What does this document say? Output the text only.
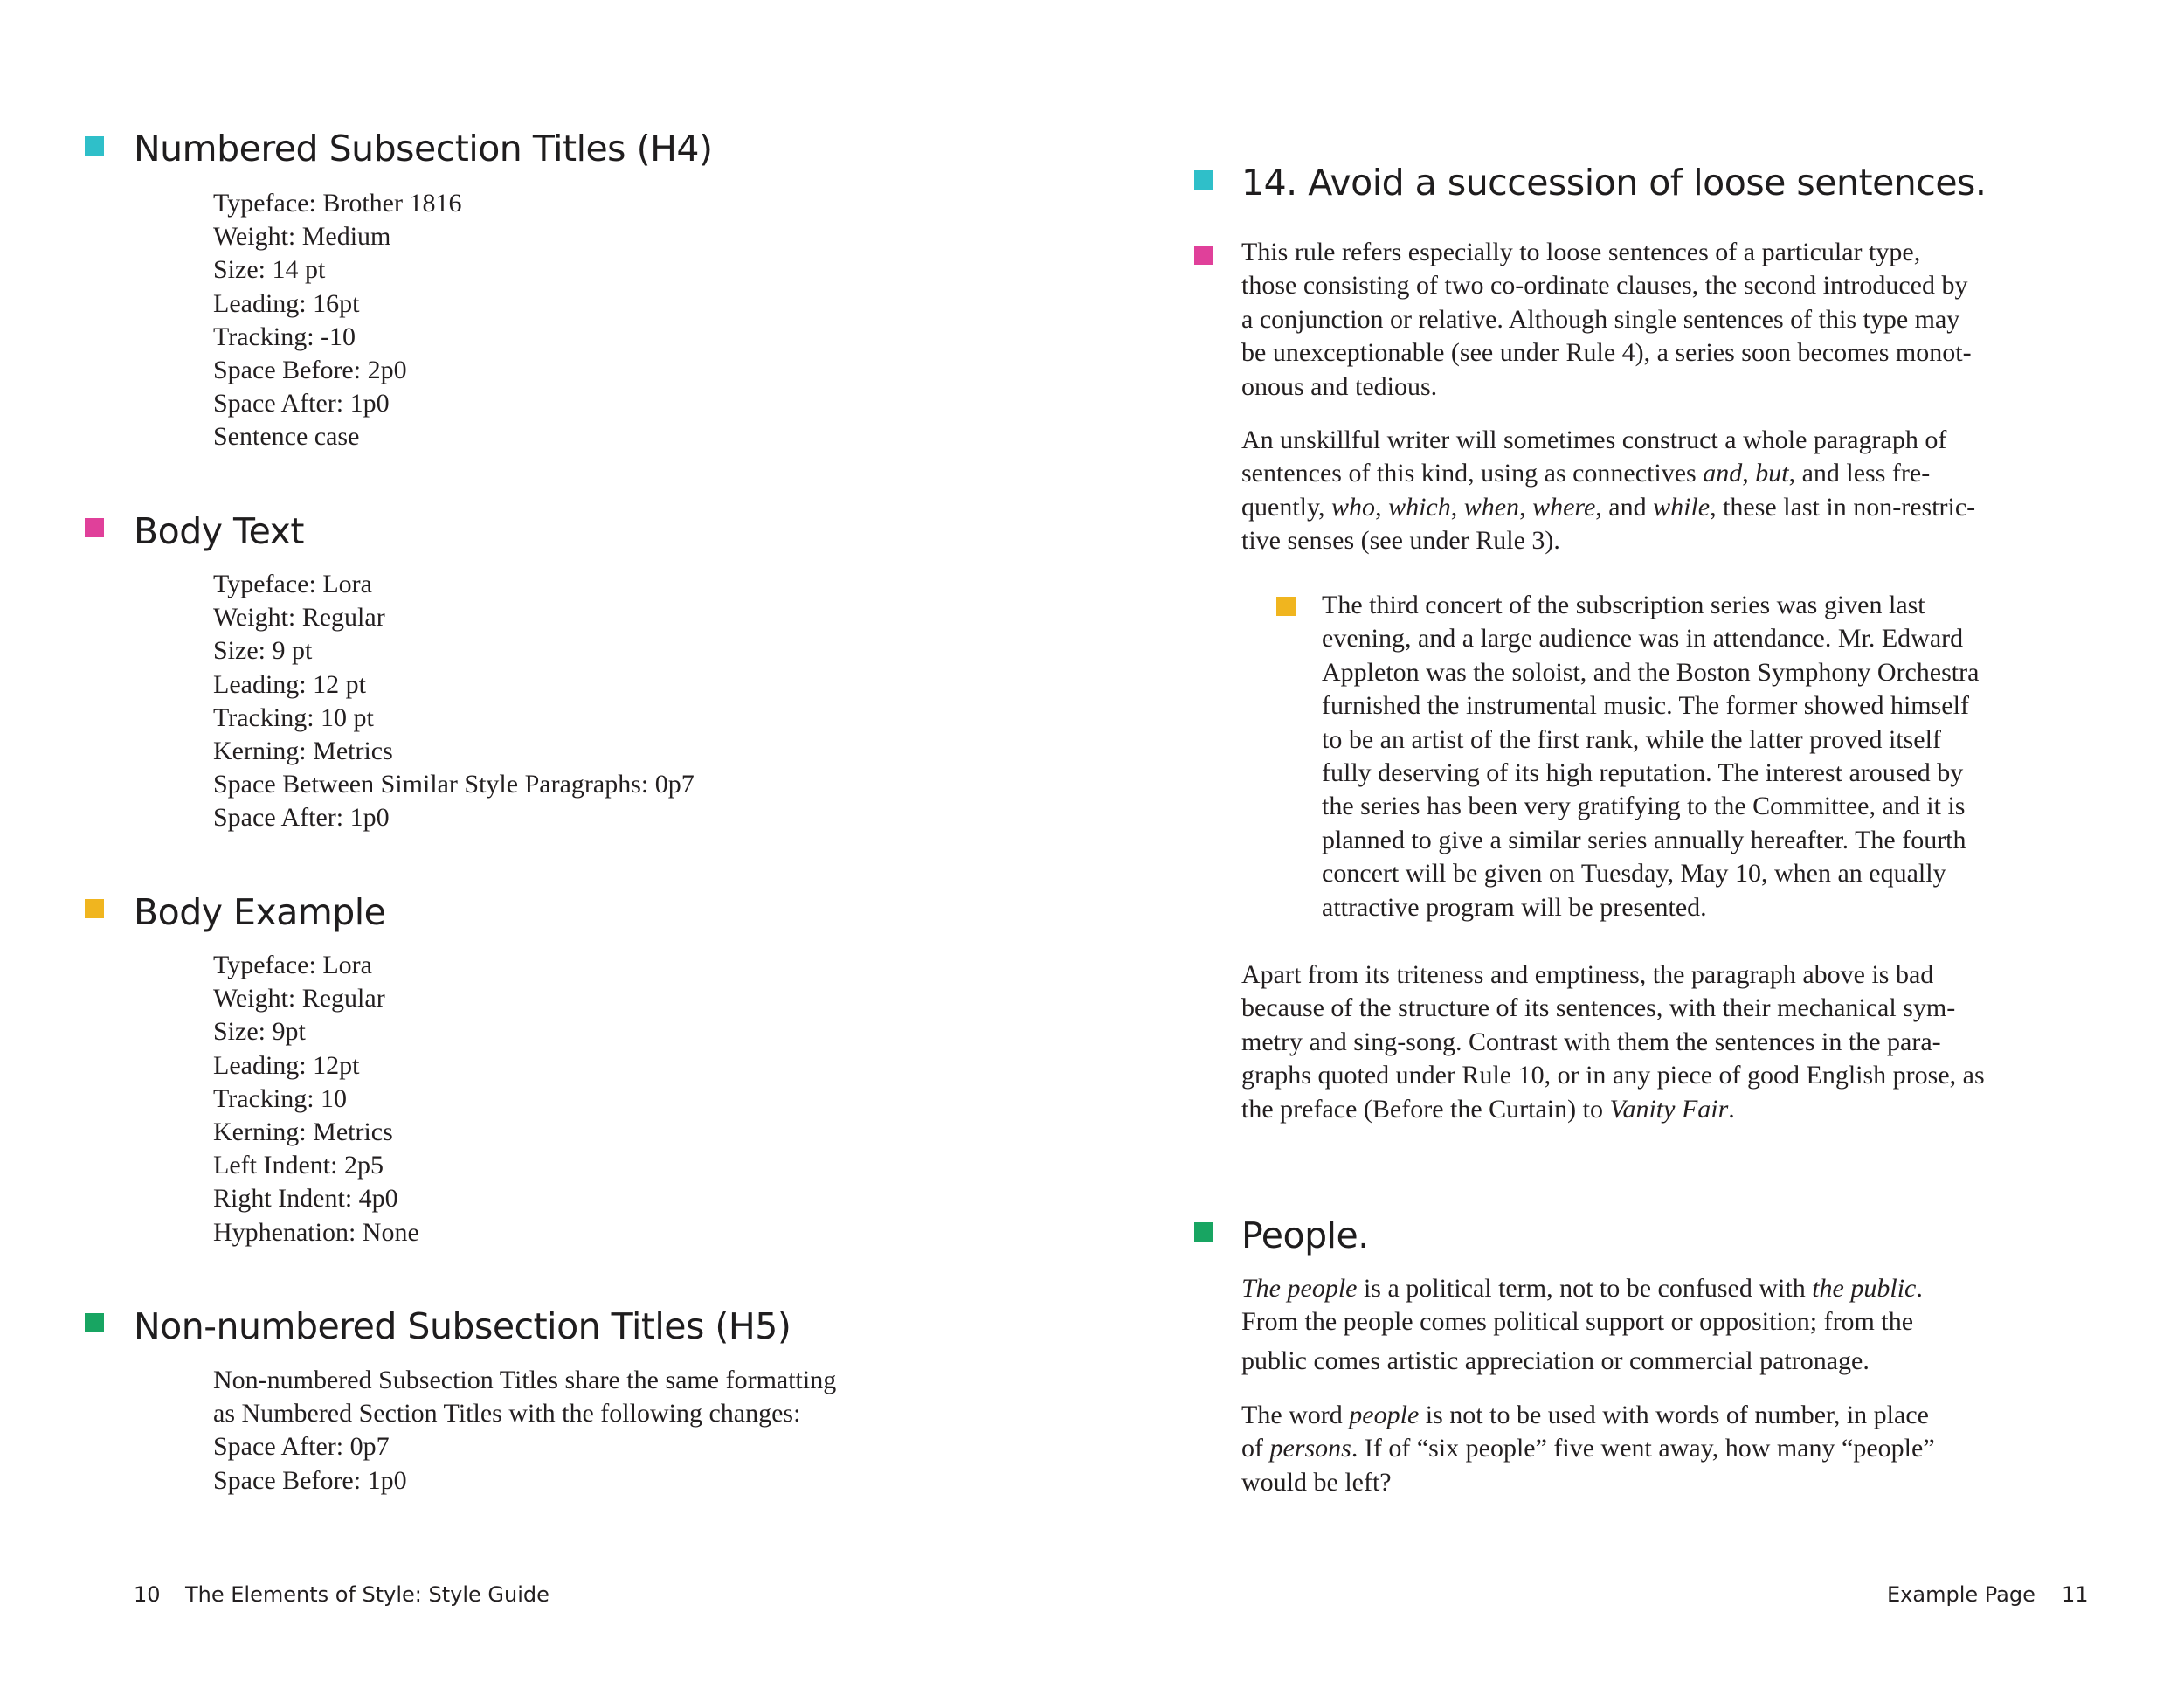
Numbered Subsection Titles (H4)
Typeface: Brother 1816
Weight: Medium
Size: 14 pt
Leading: 16pt
Tracking: -10
Space Before: 2p0
Space After: 1p0
Sentence case
Body Text
Typeface: Lora
Weight: Regular
Size: 9 pt
Leading: 12 pt
Tracking: 10 pt
Kerning: Metrics
Space Between Similar Style Paragraphs: 0p7
Space After: 1p0
Body Example
Typeface: Lora
Weight: Regular
Size: 9pt
Leading: 12pt
Tracking: 10
Kerning: Metrics
Left Indent: 2p5
Right Indent: 4p0
Hyphenation: None
Non-numbered Subsection Titles (H5)
Non-numbered Subsection Titles share the same formatting
as Numbered Section Titles with the following changes:
Space After: 0p7
Space Before: 1p0
10 The Elements of Style: Style Guide
14. Avoid a succession of loose sentences.
This rule refers especially to loose sentences of a particular type,
those consisting of two co-ordinate clauses, the second introduced by
a conjunction or relative. Although single sentences of this type may
be unexceptionable (see under Rule 4), a series soon becomes monot-
onous and tedious.
An unskillful writer will sometimes construct a whole paragraph of
sentences of this kind, using as connectives and, but, and less fre-
quently, who, which, when, where, and while, these last in non-restric-
tive senses (see under Rule 3).
The third concert of the subscription series was given last
evening, and a large audience was in attendance. Mr. Edward
Appleton was the soloist, and the Boston Symphony Orchestra
furnished the instrumental music. The former showed himself
to be an artist of the first rank, while the latter proved itself
fully deserving of its high reputation. The interest aroused by
the series has been very gratifying to the Committee, and it is
planned to give a similar series annually hereafter. The fourth
concert will be given on Tuesday, May 10, when an equally
attractive program will be presented.
Apart from its triteness and emptiness, the paragraph above is bad
because of the structure of its sentences, with their mechanical sym-
metry and sing-song. Contrast with them the sentences in the para-
graphs quoted under Rule 10, or in any piece of good English prose, as
the preface (Before the Curtain) to Vanity Fair.
People.
The people is a political term, not to be confused with the public.
From the people comes political support or opposition; from the
public comes artistic appreciation or commercial patronage.
The word people is not to be used with words of number, in place
of persons. If of “six people” five went away, how many “people”
would be left?
Example Page 11
